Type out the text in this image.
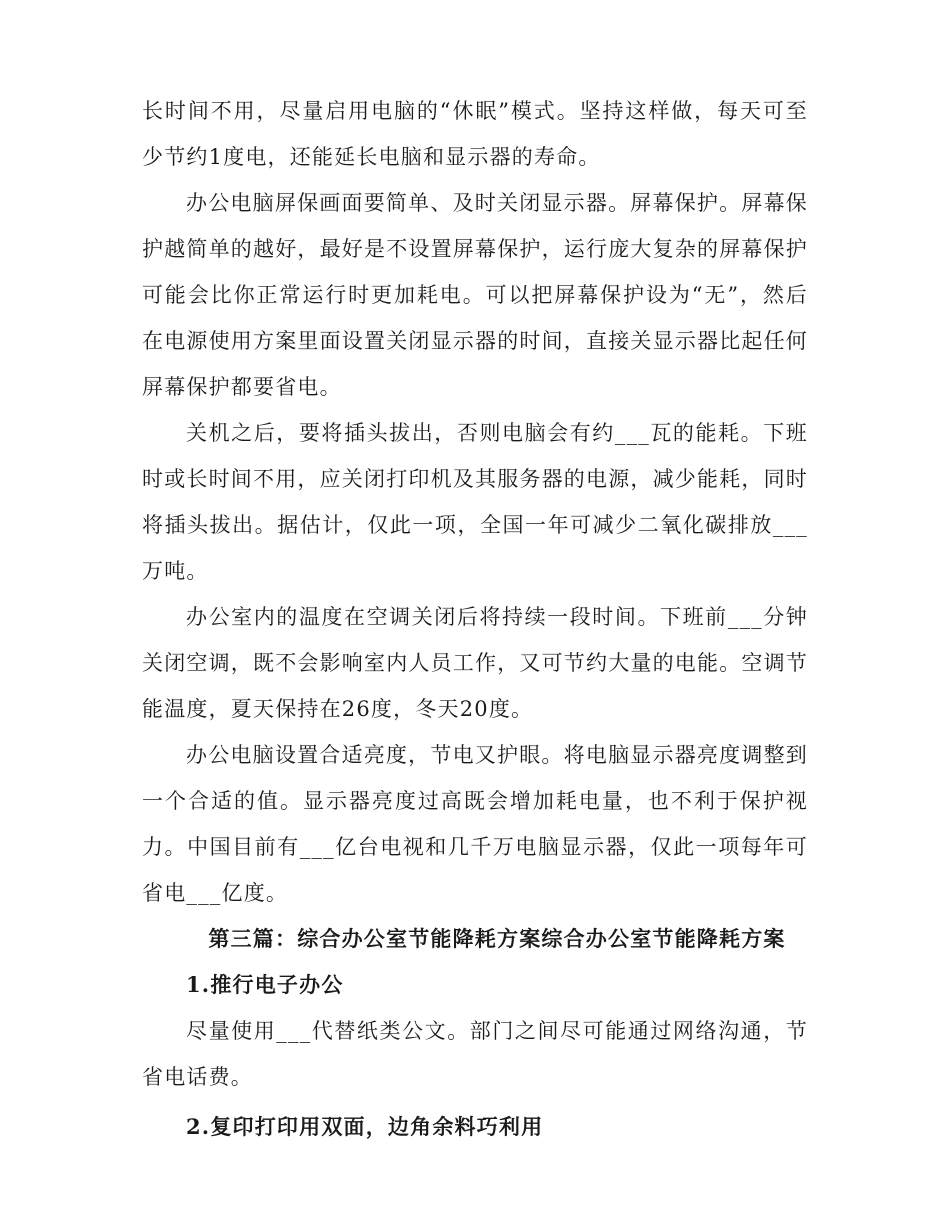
长时间不用，尽量启用电脑的“休眠”模式。坚持这样做，每天可至少节约1度电，还能延长电脑和显示器的寿命。

办公电脑屏保画面要简单、及时关闭显示器。屏幕保护。屏幕保护越简单的越好，最好是不设置屏幕保护，运行庞大复杂的屏幕保护可能会比你正常运行时更加耗电。可以把屏幕保护设为“无”，然后在电源使用方案里面设置关闭显示器的时间，直接关显示器比起任何屏幕保护都要省电。

关机之后，要将插头拔出，否则电脑会有约___瓦的能耗。下班时或长时间不用，应关闭打印机及其服务器的电源，减少能耗，同时将插头拔出。据估计，仅此一项，全国一年可减少二氧化碳排放___万吨。

办公室内的温度在空调关闭后将持续一段时间。下班前___分钟关闭空调，既不会影响室内人员工作，又可节约大量的电能。空调节能温度，夏天保持在26度，冬天20度。

办公电脑设置合适亮度，节电又护眼。将电脑显示器亮度调整到一个合适的值。显示器亮度过高既会增加耗电量，也不利于保护视力。中国目前有___亿台电视和几千万电脑显示器，仅此一项每年可省电___亿度。

第三篇：综合办公室节能降耗方案综合办公室节能降耗方案
1.推行电子办公

尽量使用___代替纸类公文。部门之间尽可能通过网络沟通，节省电话费。

2.复印打印用双面，边角余料巧利用
